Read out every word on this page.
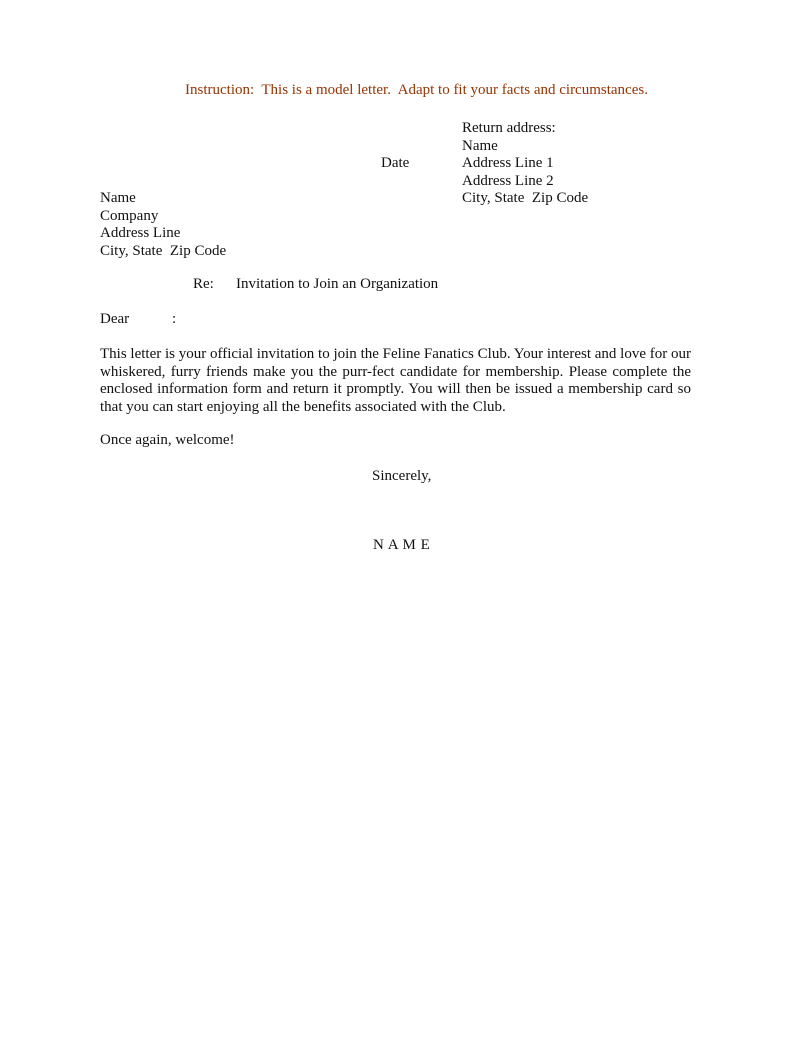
Instruction:  This is a model letter.  Adapt to fit your facts and circumstances.
Return address:
Name
Address Line 1
Address Line 2
City, State  Zip Code
Date
Name
Company
Address Line
City, State  Zip Code
Re: Invitation to Join an Organization
Dear	:
This letter is your official invitation to join the Feline Fanatics Club. Your interest and love for our whiskered, furry friends make you the purr-fect candidate for membership. Please complete the enclosed information form and return it promptly. You will then be issued a membership card so that you can start enjoying all the benefits associated with the Club.
Once again, welcome!
Sincerely,
N A M E
